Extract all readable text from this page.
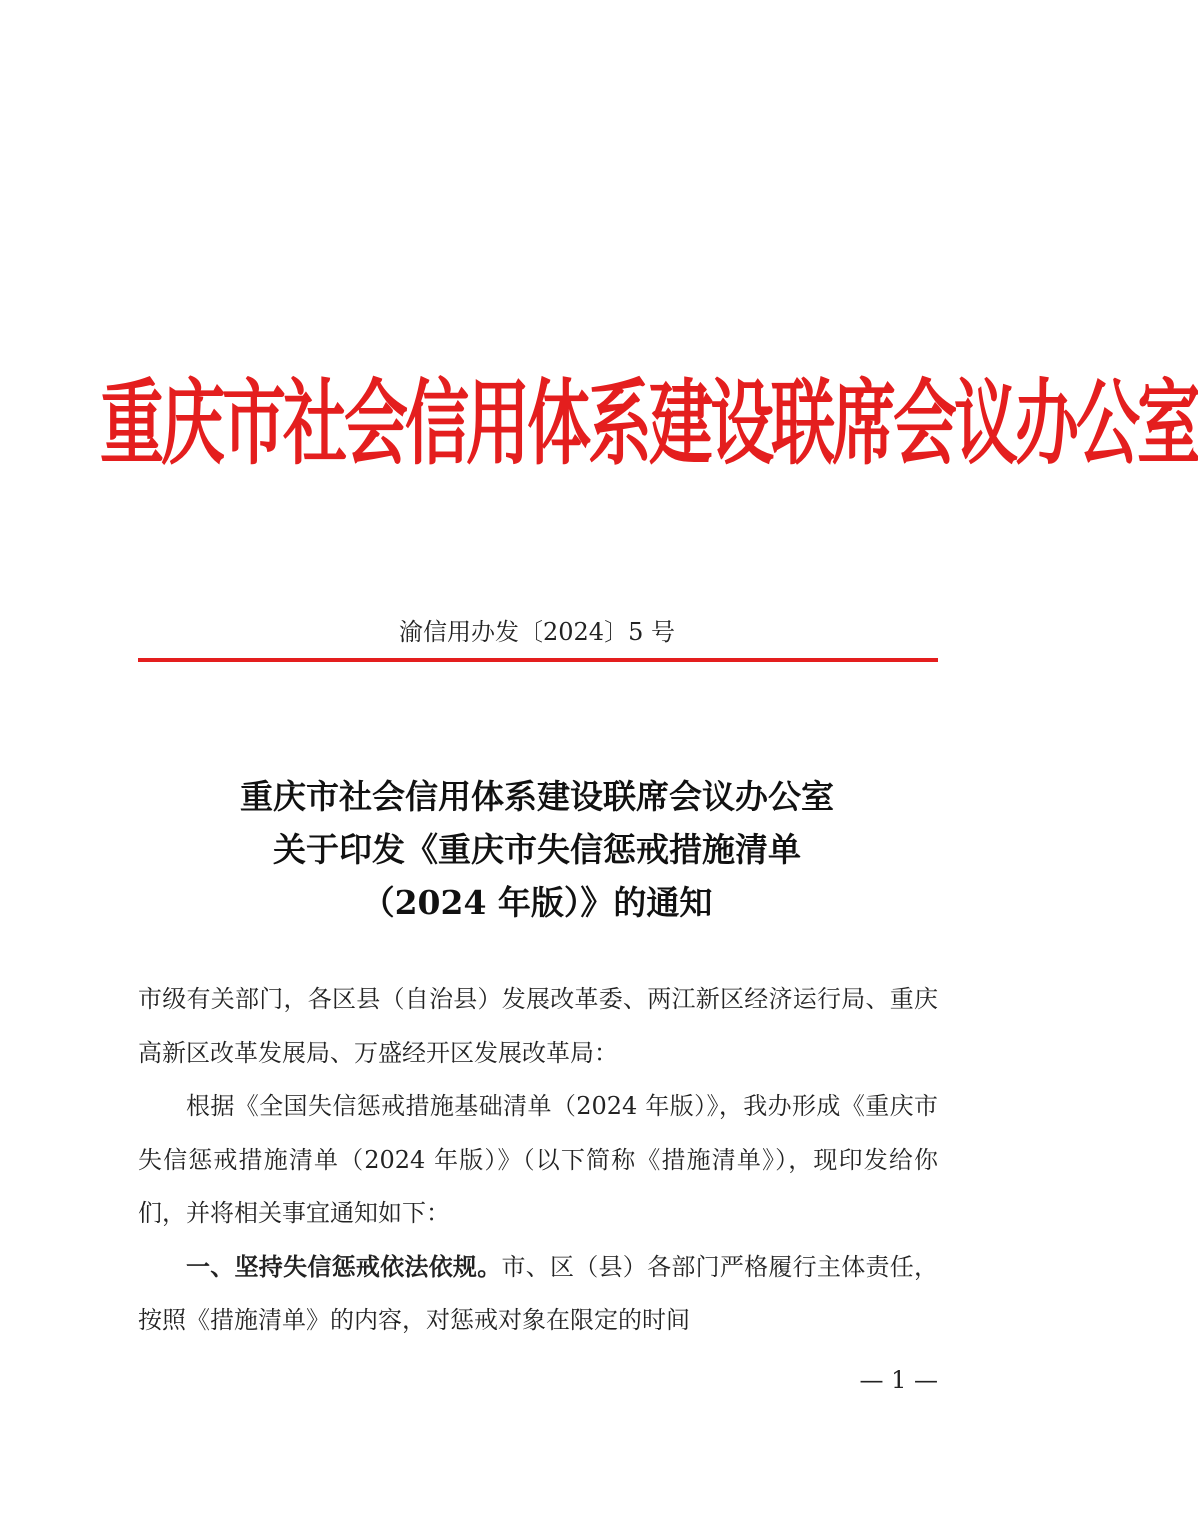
重庆市社会信用体系建设联席会议办公室
渝信用办发〔2024〕5 号
重庆市社会信用体系建设联席会议办公室
关于印发《重庆市失信惩戒措施清单
（2024 年版）》的通知

市级有关部门，各区县（自治县）发展改革委、两江新区经济运行局、重庆高新区改革发展局、万盛经开区发展改革局：

根据《全国失信惩戒措施基础清单（2024 年版）》，我办形成《重庆市失信惩戒措施清单（2024 年版）》（以下简称《措施清单》），现印发给你们，并将相关事宜通知如下：

一、坚持失信惩戒依法依规。市、区（县）各部门严格履行主体责任，按照《措施清单》的内容，对惩戒对象在限定的时间

— 1 —
